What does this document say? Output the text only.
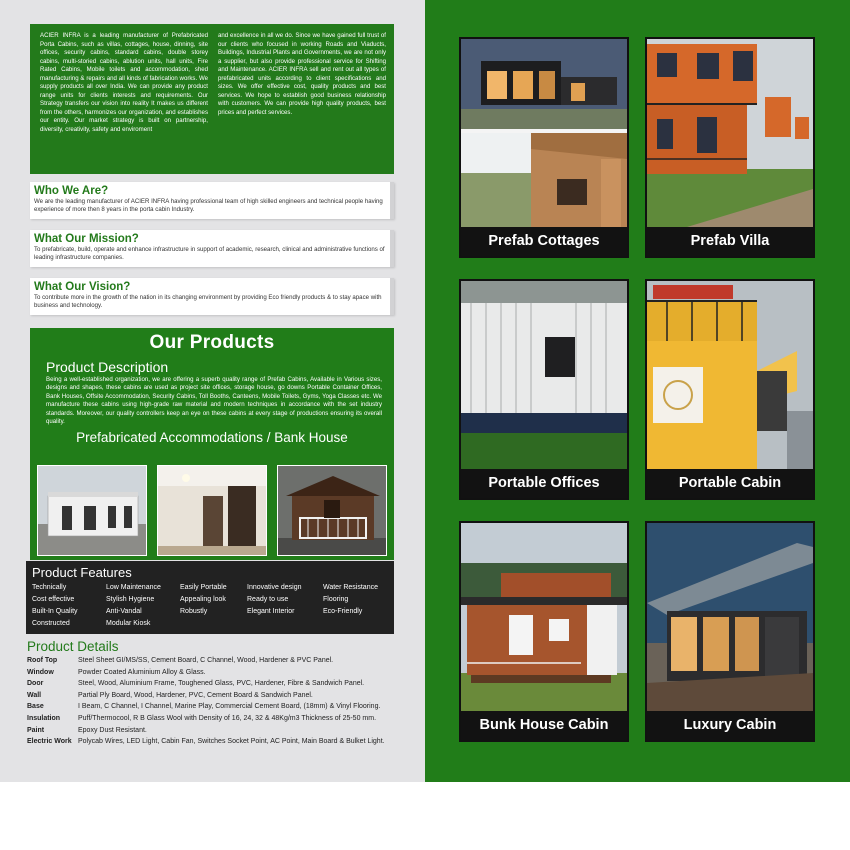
ACIER INFRA is a leading manufacturer of Prefabricated Porta Cabins, such as villas, cottages, house, dinning, site offices, security cabins, standard cabins, double storey cabins, multi-storied cabins, ablution units, hall units, Fire Rated Cabins, Mobile toilets and accommodation, shed manufacturing & repairs and all kinds of fabrication works. We supply products all over India. We can provide any product range units for clients interests and requirements. Our Strategy transfers our vision into reality It makes us different from the others, harmonizes our organization, and establishes our entity. Our market strategy is built on partnership, diversity, creativity, safety and enviroment

and excellence in all we do. Since we have gained full trust of our clients who focused in working Roads and Viaducts, Buildings, Industrial Plants and Governments, we are not only a supplier, but also provide professional service for Shifting and Maintenance. ACIER INFRA sell and rent out all types of prefabricated units according to client specifications and sizes. We offer effective cost, quality products and best services. We hope to establish good business relationship with customers. We can provide high quality products, best prices and perfect services.

Who We Are?

We are the leading manufacturer of ACIER INFRA having professional team of high skilled engineers and technical people having experience of more then 8 years in the porta cabin Industry.

What Our Mission?

To prefabricate, build, operate and enhance infrastructure in support of academic, research, clinical and administrative functions of leading infrastructure companies.

What Our Vision?

To contribute more in the growth of the nation in its changing environment by providing Eco friendly products & to stay apace with business and technology.

Our Products
Product Description

Being a well-established organization, we are offering a superb quality range of Prefab Cabins, Available in Various sizes, designs and shapes, these cabins are used as project site offices, storage house, go downs Portable Container Offices, Bank Houses, Offsite Accommodation, Security Cabins, Toll Booths, Canteens, Mobile Toilets, Gyms, Yoga Classes etc. We manufacture these cabins using high-grade raw material and modern techniques in accordance with the set industry standards. Moreover, our quality controllers keep an eye on these cabins at every stage of productions ensuring its overall quality.

Prefabricated Accommodations / Bank House
Product Features
Technically	Low Maintenance	Easily Portable	Innovative design	Water Resistance
Cost effective	Stylish Hygiene	Appealing look	Ready to use	Flooring
Built-In Quality	Anti-Vandal	Robustly	Elegant Interior	Eco-Friendly
Constructed	Modular Kiosk
Product Details
Roof Top	Steel Sheet GI/MS/SS, Cement Board, C Channel, Wood, Hardener & PVC Panel.
Window	Powder Coated Aluminium Alloy & Glass.
Door	Steel, Wood, Aluminium Frame, Toughened Glass, PVC, Hardener, Fibre & Sandwich Panel.
Wall	Partial Ply Board, Wood, Hardener, PVC, Cement Board & Sandwich Panel.
Base	I Beam, C Channel, I Channel, Marine Play, Commercial Cement Board, (18mm) & Vinyl Flooring.
Insulation	Puff/Thermocool, R B Glass Wool with Density of 16, 24, 32 & 48Kg/m3 Thickness of 25-50 mm.
Paint	Epoxy Dust Resistant.
Electric Work Polycab Wires, LED Light, Cabin Fan, Switches Socket Point, AC Point, Main Board & Bulket Light.
Prefab Cottages	Prefab Villa
Portable Offices	Portable Cabin
Bunk House Cabin	Luxury Cabin
